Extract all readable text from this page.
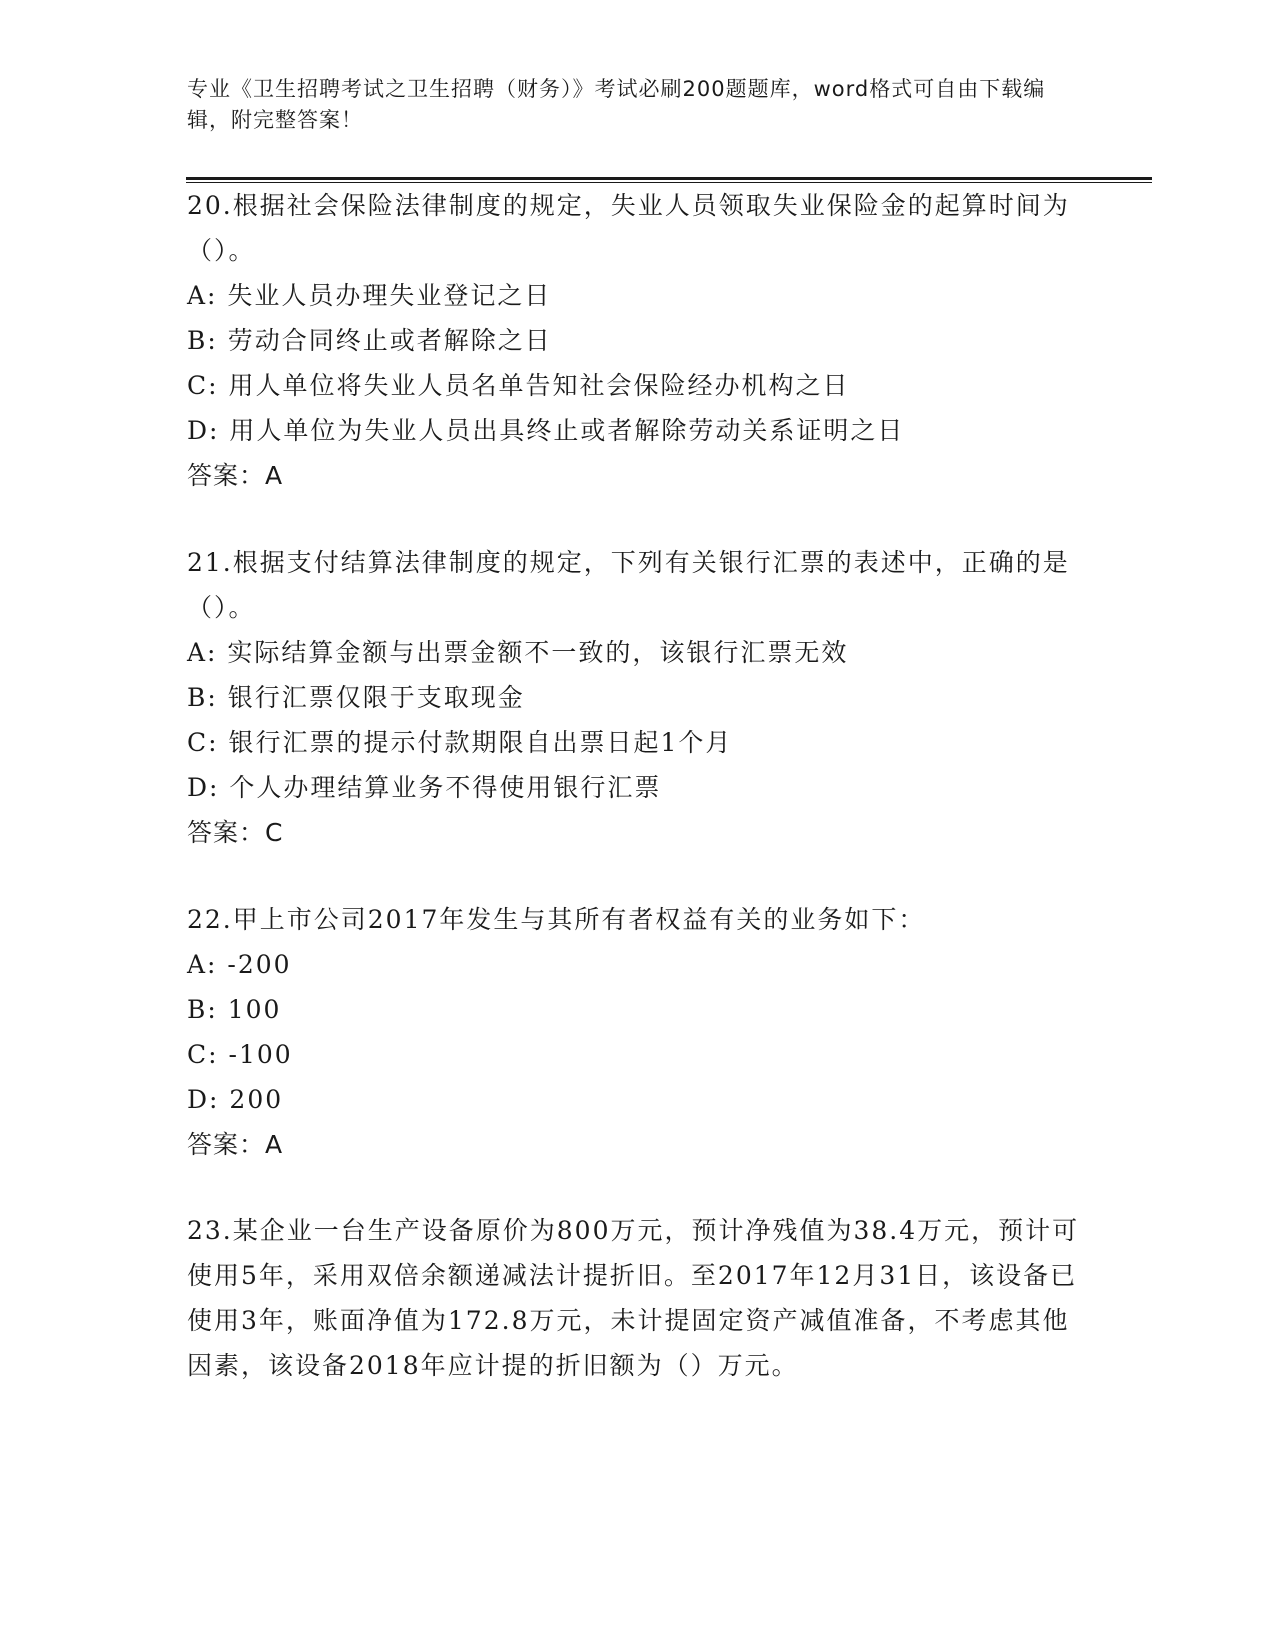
专业《卫生招聘考试之卫生招聘（财务）》考试必刷200题题库，word格式可自由下载编辑，附完整答案！

20.根据社会保险法律制度的规定，失业人员领取失业保险金的起算时间为（）。

A: 失业人员办理失业登记之日

B: 劳动合同终止或者解除之日

C: 用人单位将失业人员名单告知社会保险经办机构之日

D: 用人单位为失业人员出具终止或者解除劳动关系证明之日

答案：A

21.根据支付结算法律制度的规定，下列有关银行汇票的表述中，正确的是（）。

A: 实际结算金额与出票金额不一致的，该银行汇票无效

B: 银行汇票仅限于支取现金

C: 银行汇票的提示付款期限自出票日起1个月

D: 个人办理结算业务不得使用银行汇票

答案：C

22.甲上市公司2017年发生与其所有者权益有关的业务如下：

A: -200

B: 100

C: -100

D: 200

答案：A

23.某企业一台生产设备原价为800万元，预计净残值为38.4万元，预计可使用5年，采用双倍余额递减法计提折旧。至2017年12月31日，该设备已使用3年，账面净值为172.8万元，未计提固定资产减值准备，不考虑其他因素，该设备2018年应计提的折旧额为（）万元。
